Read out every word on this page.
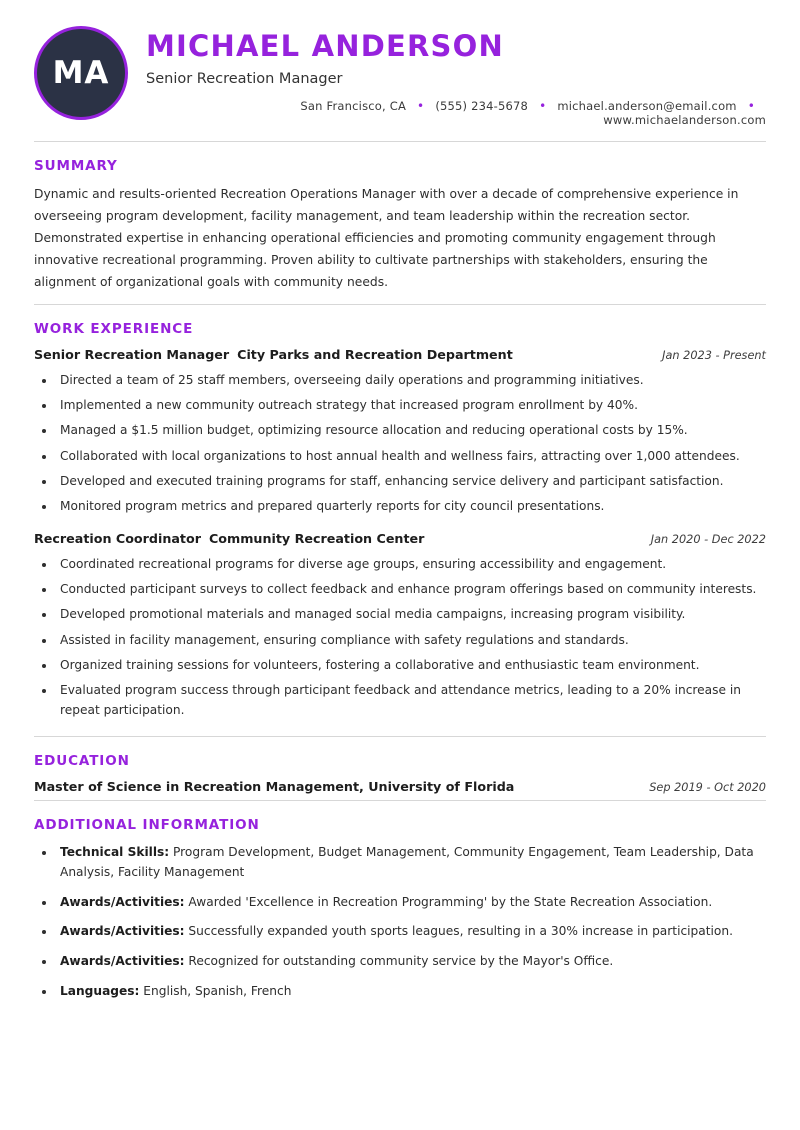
MA
MICHAEL ANDERSON
Senior Recreation Manager
San Francisco, CA • (555) 234-5678 • michael.anderson@email.com •
www.michaelanderson.com
SUMMARY

Dynamic and results-oriented Recreation Operations Manager with over a decade of comprehensive experience in overseeing program development, facility management, and team leadership within the recreation sector. Demonstrated expertise in enhancing operational efficiencies and promoting community engagement through innovative recreational programming. Proven ability to cultivate partnerships with stakeholders, ensuring the alignment of organizational goals with community needs.

WORK EXPERIENCE
Senior Recreation Manager City Parks and Recreation Department	Jan 2023 - Present
• Directed a team of 25 staff members, overseeing daily operations and programming initiatives.
• Implemented a new community outreach strategy that increased program enrollment by 40%.
• Managed a $1.5 million budget, optimizing resource allocation and reducing operational costs by 15%.
• Collaborated with local organizations to host annual health and wellness fairs, attracting over 1,000 attendees.
• Developed and executed training programs for staff, enhancing service delivery and participant satisfaction.
• Monitored program metrics and prepared quarterly reports for city council presentations.
Recreation Coordinator Community Recreation Center	Jan 2020 - Dec 2022
• Coordinated recreational programs for diverse age groups, ensuring accessibility and engagement.
• Conducted participant surveys to collect feedback and enhance program offerings based on community interests.
• Developed promotional materials and managed social media campaigns, increasing program visibility.
• Assisted in facility management, ensuring compliance with safety regulations and standards.
• Organized training sessions for volunteers, fostering a collaborative and enthusiastic team environment.
• Evaluated program success through participant feedback and attendance metrics, leading to a 20% increase in repeat participation.
EDUCATION
Master of Science in Recreation Management, University of Florida	Sep 2019 - Oct 2020
ADDITIONAL INFORMATION
• Technical Skills: Program Development, Budget Management, Community Engagement, Team Leadership, Data Analysis, Facility Management
• Awards/Activities: Awarded 'Excellence in Recreation Programming' by the State Recreation Association.
• Awards/Activities: Successfully expanded youth sports leagues, resulting in a 30% increase in participation.
• Awards/Activities: Recognized for outstanding community service by the Mayor's Office.
• Languages: English, Spanish, French
